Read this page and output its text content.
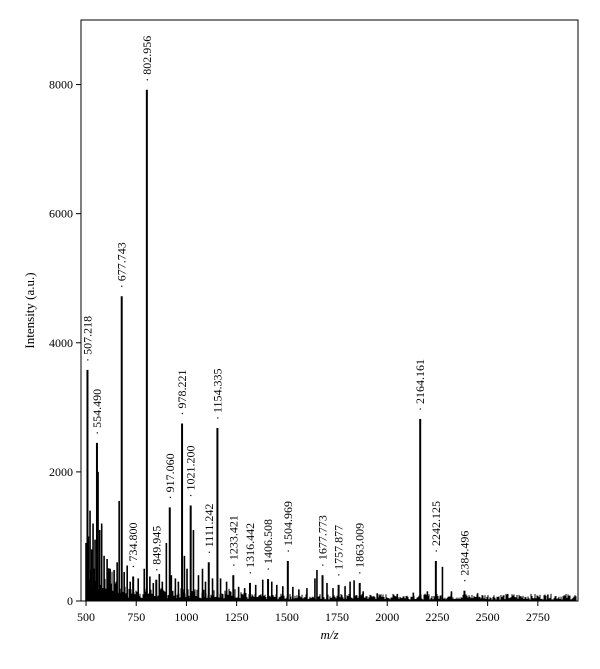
· 507.218
· 554.490
· 677.743
· 734.800
· 802.956
· 849.945
· 917.060
· 978.221
· 1021.200
· 1111.242
· 1154.335
· 1233.421 · 1316.442 · 1406.508 · 1504.969 · 1677.773 · 1757.877 · 1863.009
· 2164.161
· 2242.125
· 2384.496
500	750 1000 1250 1500 1750 2000 2250 2500 2750
0
2000
4000
6000
8000
m/z
Intensity (a.u.)
